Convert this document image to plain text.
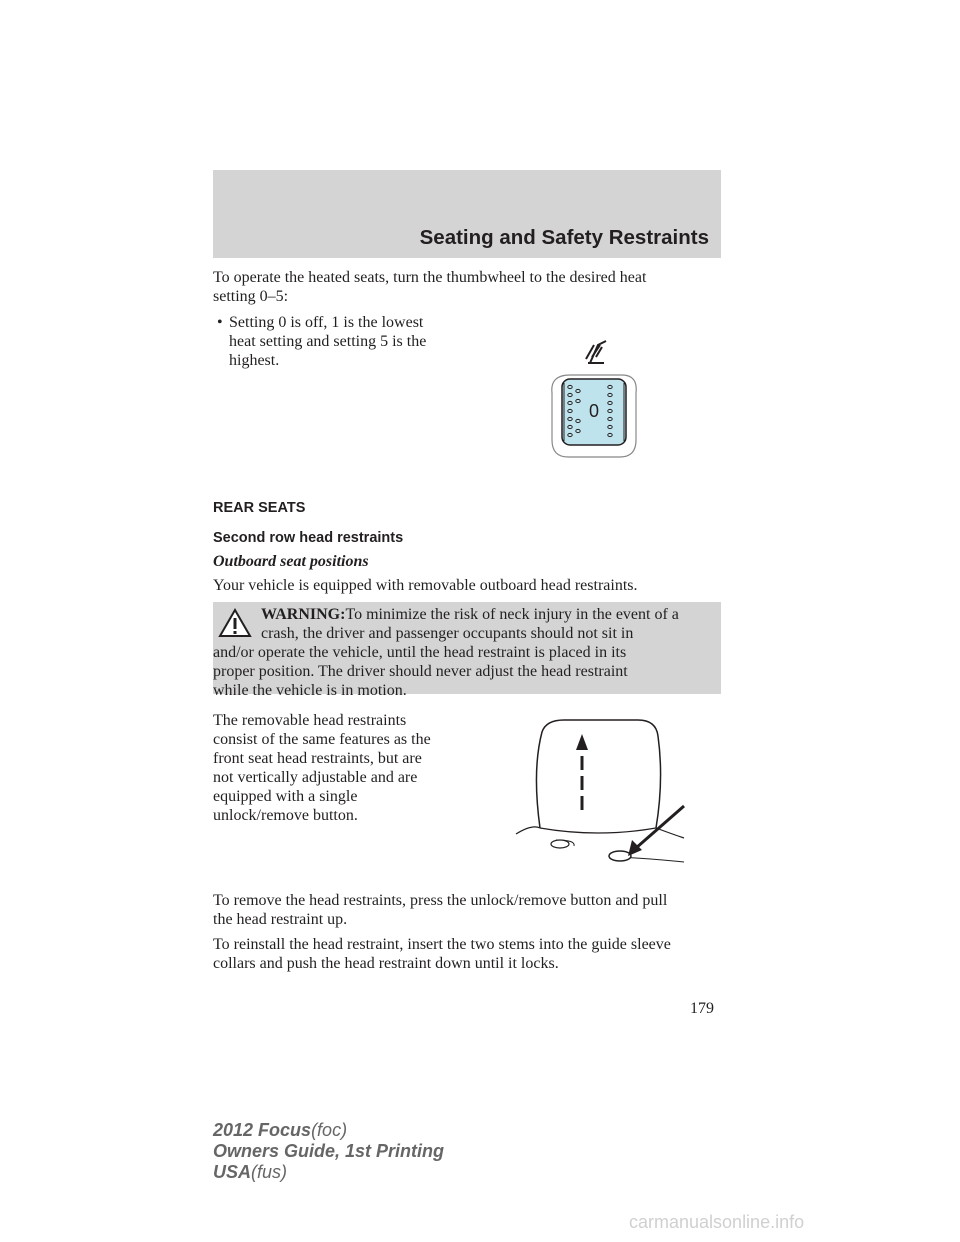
Seating and Safety Restraints
To operate the heated seats, turn the thumbwheel to the desired heat
setting 0–5:
• Setting 0 is off, 1 is the lowest
heat setting and setting 5 is the
highest.
0
REAR SEATS
Second row head restraints
Outboard seat positions
Your vehicle is equipped with removable outboard head restraints.
WARNING:To minimize the risk of neck injury in the event of a
crash, the driver and passenger occupants should not sit in
and/or operate the vehicle, until the head restraint is placed in its
proper position. The driver should never adjust the head restraint
while the vehicle is in motion.
The removable head restraints
consist of the same features as the
front seat head restraints, but are
not vertically adjustable and are
equipped with a single
unlock/remove button.
To remove the head restraints, press the unlock/remove button and pull
the head restraint up.
To reinstall the head restraint, insert the two stems into the guide sleeve
collars and push the head restraint down until it locks.
179
2012 Focus(foc)
Owners Guide, 1st Printing
USA(fus)
carmanualsonline.info
